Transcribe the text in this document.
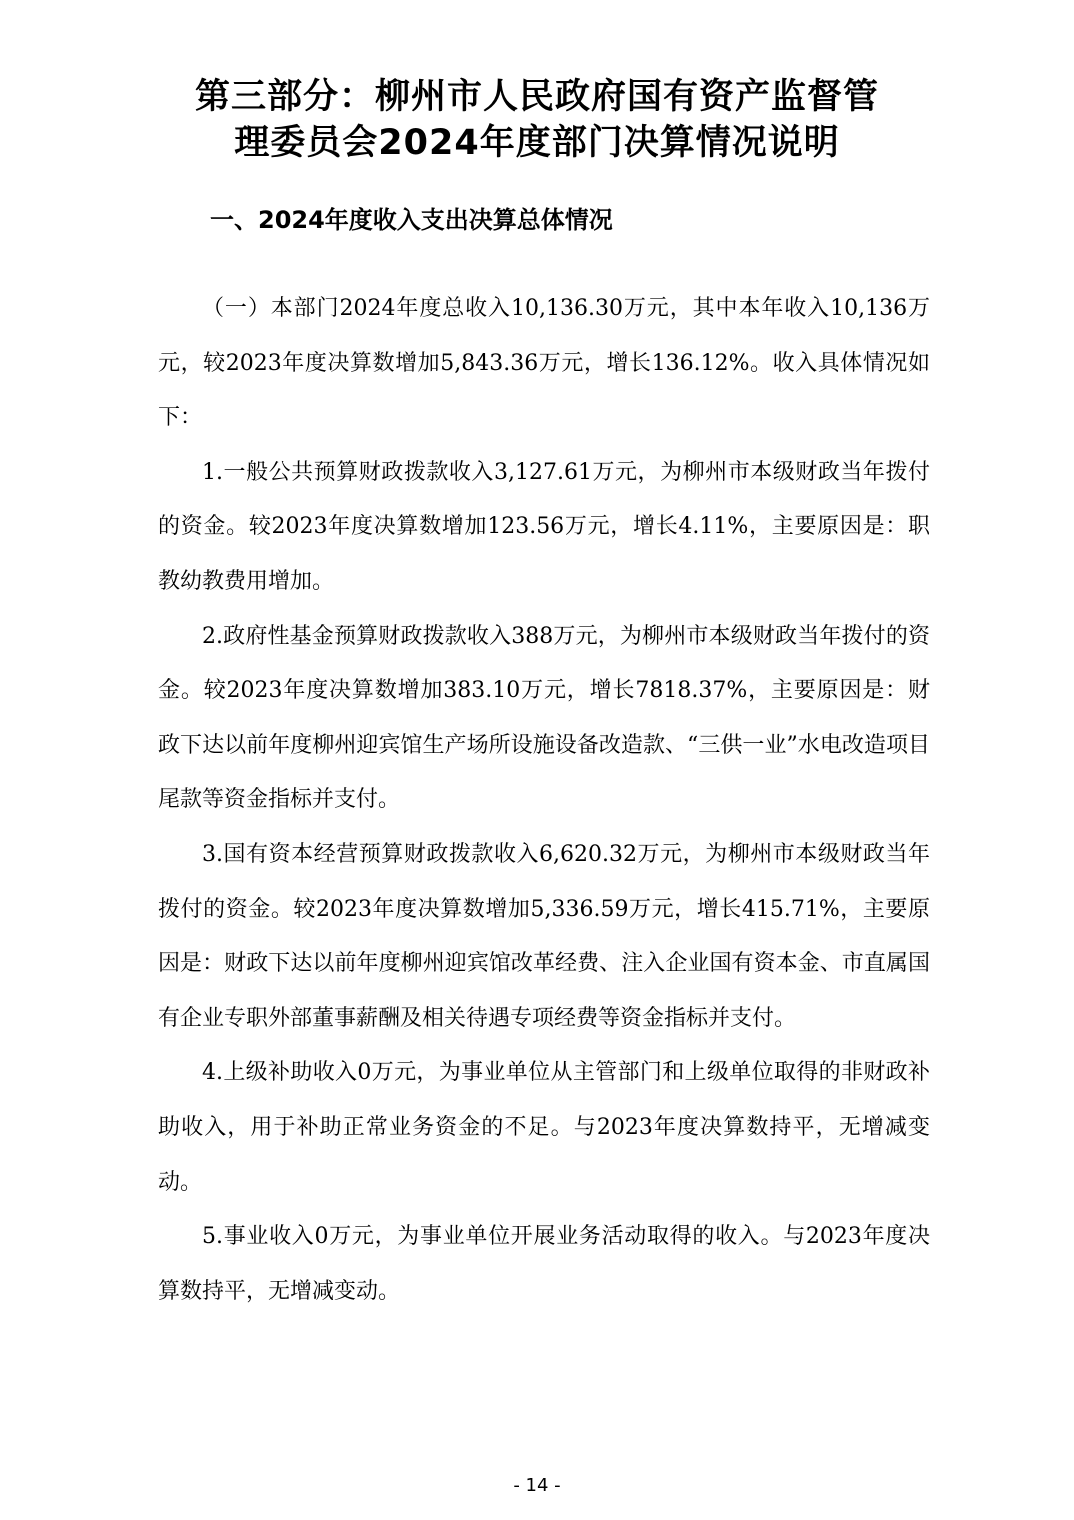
第三部分：柳州市人民政府国有资产监督管
理委员会2024年度部门决算情况说明
一、2024年度收入支出决算总体情况

（一）本部门2024年度总收入10,136.30万元，其中本年收入10,136万元，较2023年度决算数增加5,843.36万元，增长136.12%。收入具体情况如下：

1.一般公共预算财政拨款收入3,127.61万元，为柳州市本级财政当年拨付的资金。较2023年度决算数增加123.56万元，增长4.11%，主要原因是：职教幼教费用增加。

2.政府性基金预算财政拨款收入388万元，为柳州市本级财政当年拨付的资金。较2023年度决算数增加383.10万元，增长7818.37%，主要原因是：财政下达以前年度柳州迎宾馆生产场所设施设备改造款、“三供一业”水电改造项目尾款等资金指标并支付。

3.国有资本经营预算财政拨款收入6,620.32万元，为柳州市本级财政当年拨付的资金。较2023年度决算数增加5,336.59万元，增长415.71%，主要原因是：财政下达以前年度柳州迎宾馆改革经费、注入企业国有资本金、市直属国有企业专职外部董事薪酬及相关待遇专项经费等资金指标并支付。

4.上级补助收入0万元，为事业单位从主管部门和上级单位取得的非财政补助收入，用于补助正常业务资金的不足。与2023年度决算数持平，无增减变动。

5.事业收入0万元，为事业单位开展业务活动取得的收入。与2023年度决算数持平，无增减变动。

- 14 -
